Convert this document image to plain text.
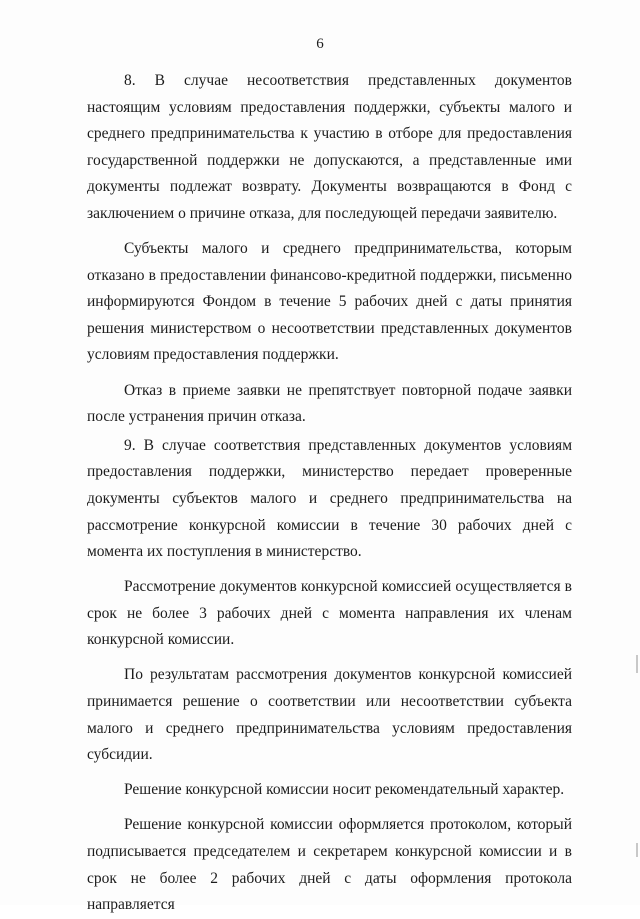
6

8. В случае несоответствия представленных документов настоящим условиям предоставления поддержки, субъекты малого и среднего предпринимательства к участию в отборе для предоставления государственной поддержки не допускаются, а представленные ими документы подлежат возврату. Документы возвращаются в Фонд с заключением о причине отказа, для последующей передачи заявителю.

Субъекты малого и среднего предпринимательства, которым отказано в предоставлении финансово-кредитной поддержки, письменно информируются Фондом в течение 5 рабочих дней с даты принятия решения министерством о несоответствии представленных документов условиям предоставления поддержки.

Отказ в приеме заявки не препятствует повторной подаче заявки после устранения причин отказа.

9. В случае соответствия представленных документов условиям предоставления поддержки, министерство передает проверенные документы субъектов малого и среднего предпринимательства на рассмотрение конкурсной комиссии в течение 30 рабочих дней с момента их поступления в министерство.

Рассмотрение документов конкурсной комиссией осуществляется в срок не более 3 рабочих дней с момента направления их членам конкурсной комиссии.

По результатам рассмотрения документов конкурсной комиссией принимается решение о соответствии или несоответствии субъекта малого и среднего предпринимательства условиям предоставления субсидии.

Решение конкурсной комиссии носит рекомендательный характер.

Решение конкурсной комиссии оформляется протоколом, который подписывается председателем и секретарем конкурсной комиссии и в срок не более 2 рабочих дней с даты оформления протокола направляется
